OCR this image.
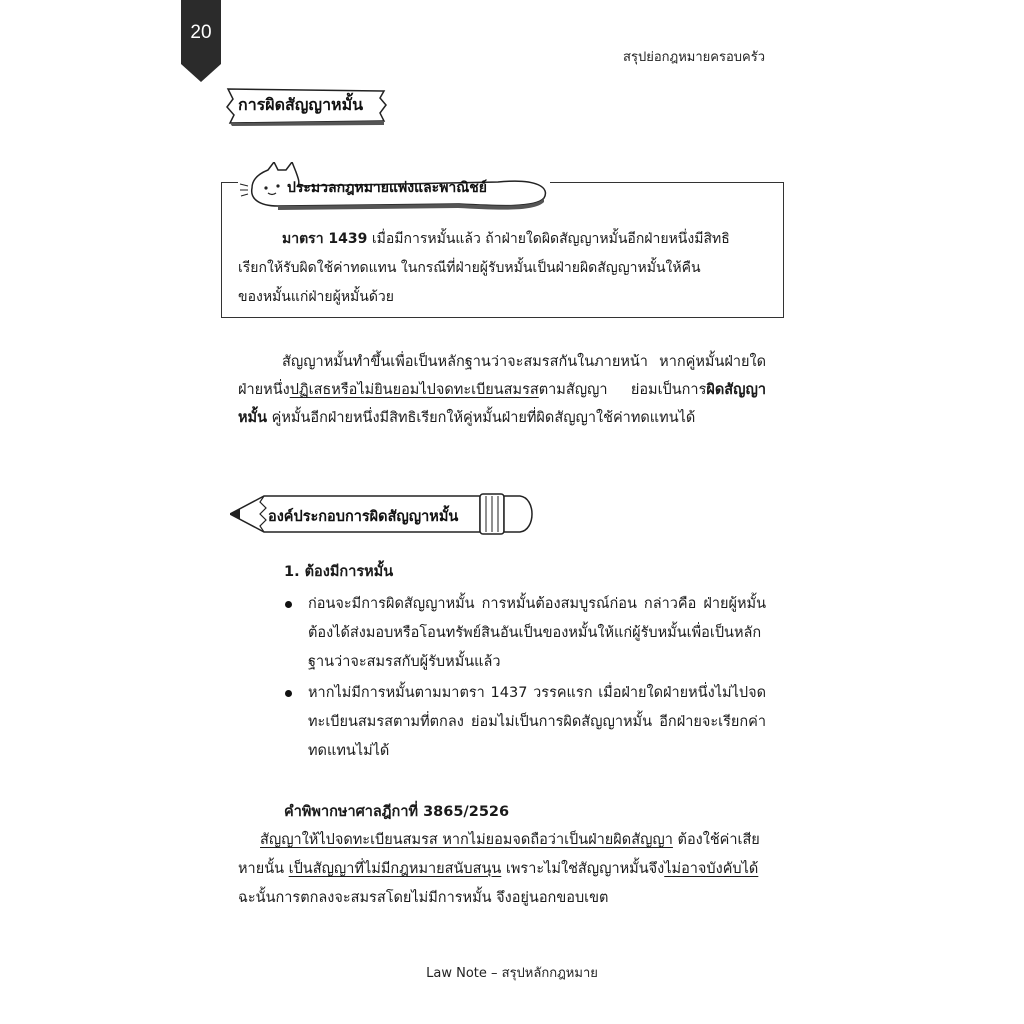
20
สรุปย่อกฎหมายครอบครัว
การผิดสัญญาหมั้น
ประมวลกฎหมายแพ่งและพาณิชย์
มาตรา 1439 เมื่อมีการหมั้นแล้ว ถ้าฝ่ายใดผิดสัญญาหมั้นอีกฝ่ายหนึ่งมีสิทธิ
เรียกให้รับผิดใช้ค่าทดแทน ในกรณีที่ฝ่ายผู้รับหมั้นเป็นฝ่ายผิดสัญญาหมั้นให้คืน
ของหมั้นแก่ฝ่ายผู้หมั้นด้วย
สัญญาหมั้นทำขึ้นเพื่อเป็นหลักฐานว่าจะสมรสกันในภายหน้า หากคู่หมั้นฝ่ายใดฝ่ายหนึ่งปฏิเสธหรือไม่ยินยอมไปจดทะเบียนสมรสตามสัญญา ย่อมเป็นการผิดสัญญาหมั้น คู่หมั้นอีกฝ่ายหนึ่งมีสิทธิเรียกให้คู่หมั้นฝ่ายที่ผิดสัญญาใช้ค่าทดแทนได้
องค์ประกอบการผิดสัญญาหมั้น
1. ต้องมีการหมั้น
ก่อนจะมีการผิดสัญญาหมั้น การหมั้นต้องสมบูรณ์ก่อน กล่าวคือ ฝ่ายผู้หมั้นต้องได้ส่งมอบหรือโอนทรัพย์สินอันเป็นของหมั้นให้แก่ผู้รับหมั้นเพื่อเป็นหลักฐานว่าจะสมรสกับผู้รับหมั้นแล้ว
หากไม่มีการหมั้นตามมาตรา 1437 วรรคแรก เมื่อฝ่ายใดฝ่ายหนึ่งไม่ไปจดทะเบียนสมรสตามที่ตกลง ย่อมไม่เป็นการผิดสัญญาหมั้น อีกฝ่ายจะเรียกค่าทดแทนไม่ได้
คำพิพากษาศาลฎีกาที่ 3865/2526
สัญญาให้ไปจดทะเบียนสมรส หากไม่ยอมจดถือว่าเป็นฝ่ายผิดสัญญา ต้องใช้ค่าเสียหายนั้น เป็นสัญญาที่ไม่มีกฎหมายสนับสนุน เพราะไม่ใช่สัญญาหมั้นจึงไม่อาจบังคับได้ ฉะนั้นการตกลงจะสมรสโดยไม่มีการหมั้น จึงอยู่นอกขอบเขต
Law Note – สรุปหลักกฎหมาย
